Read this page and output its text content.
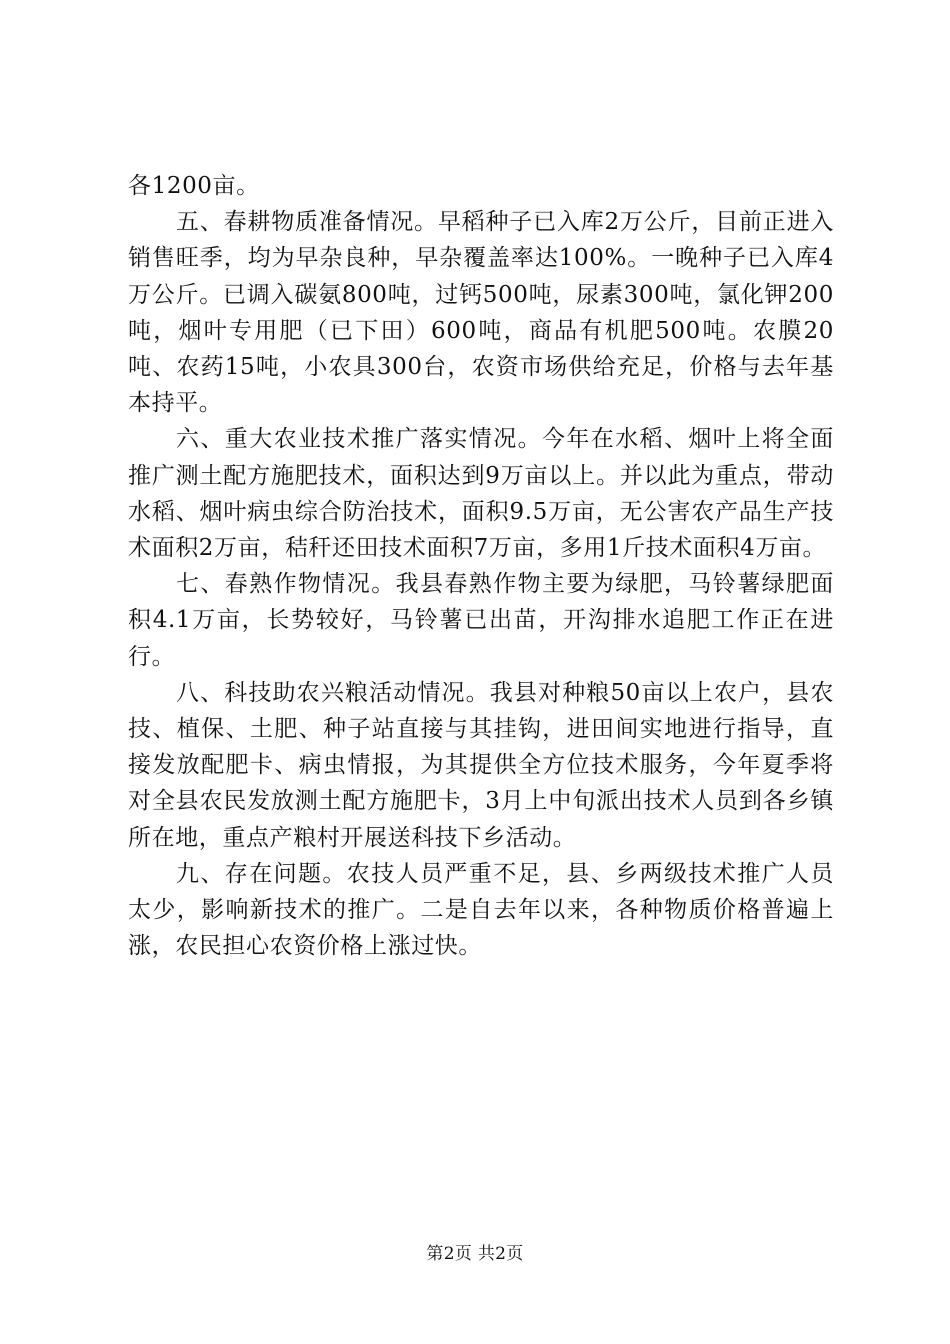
各1200亩。

五、春耕物质准备情况。早稻种子已入库2万公斤，目前正进入销售旺季，均为早杂良种，早杂覆盖率达100%。一晚种子已入库4万公斤。已调入碳氨800吨，过钙500吨，尿素300吨，氯化钾200吨，烟叶专用肥（已下田）600吨，商品有机肥500吨。农膜20吨、农药15吨，小农具300台，农资市场供给充足，价格与去年基本持平。

六、重大农业技术推广落实情况。今年在水稻、烟叶上将全面推广测土配方施肥技术，面积达到9万亩以上。并以此为重点，带动水稻、烟叶病虫综合防治技术，面积9.5万亩，无公害农产品生产技术面积2万亩，秸秆还田技术面积7万亩，多用1斤技术面积4万亩。

七、春熟作物情况。我县春熟作物主要为绿肥，马铃薯绿肥面积4.1万亩，长势较好，马铃薯已出苗，开沟排水追肥工作正在进行。

八、科技助农兴粮活动情况。我县对种粮50亩以上农户，县农技、植保、土肥、种子站直接与其挂钩，进田间实地进行指导，直接发放配肥卡、病虫情报，为其提供全方位技术服务，今年夏季将对全县农民发放测土配方施肥卡，3月上中旬派出技术人员到各乡镇所在地，重点产粮村开展送科技下乡活动。

九、存在问题。农技人员严重不足，县、乡两级技术推广人员太少，影响新技术的推广。二是自去年以来，各种物质价格普遍上涨，农民担心农资价格上涨过快。

第2页 共2页
